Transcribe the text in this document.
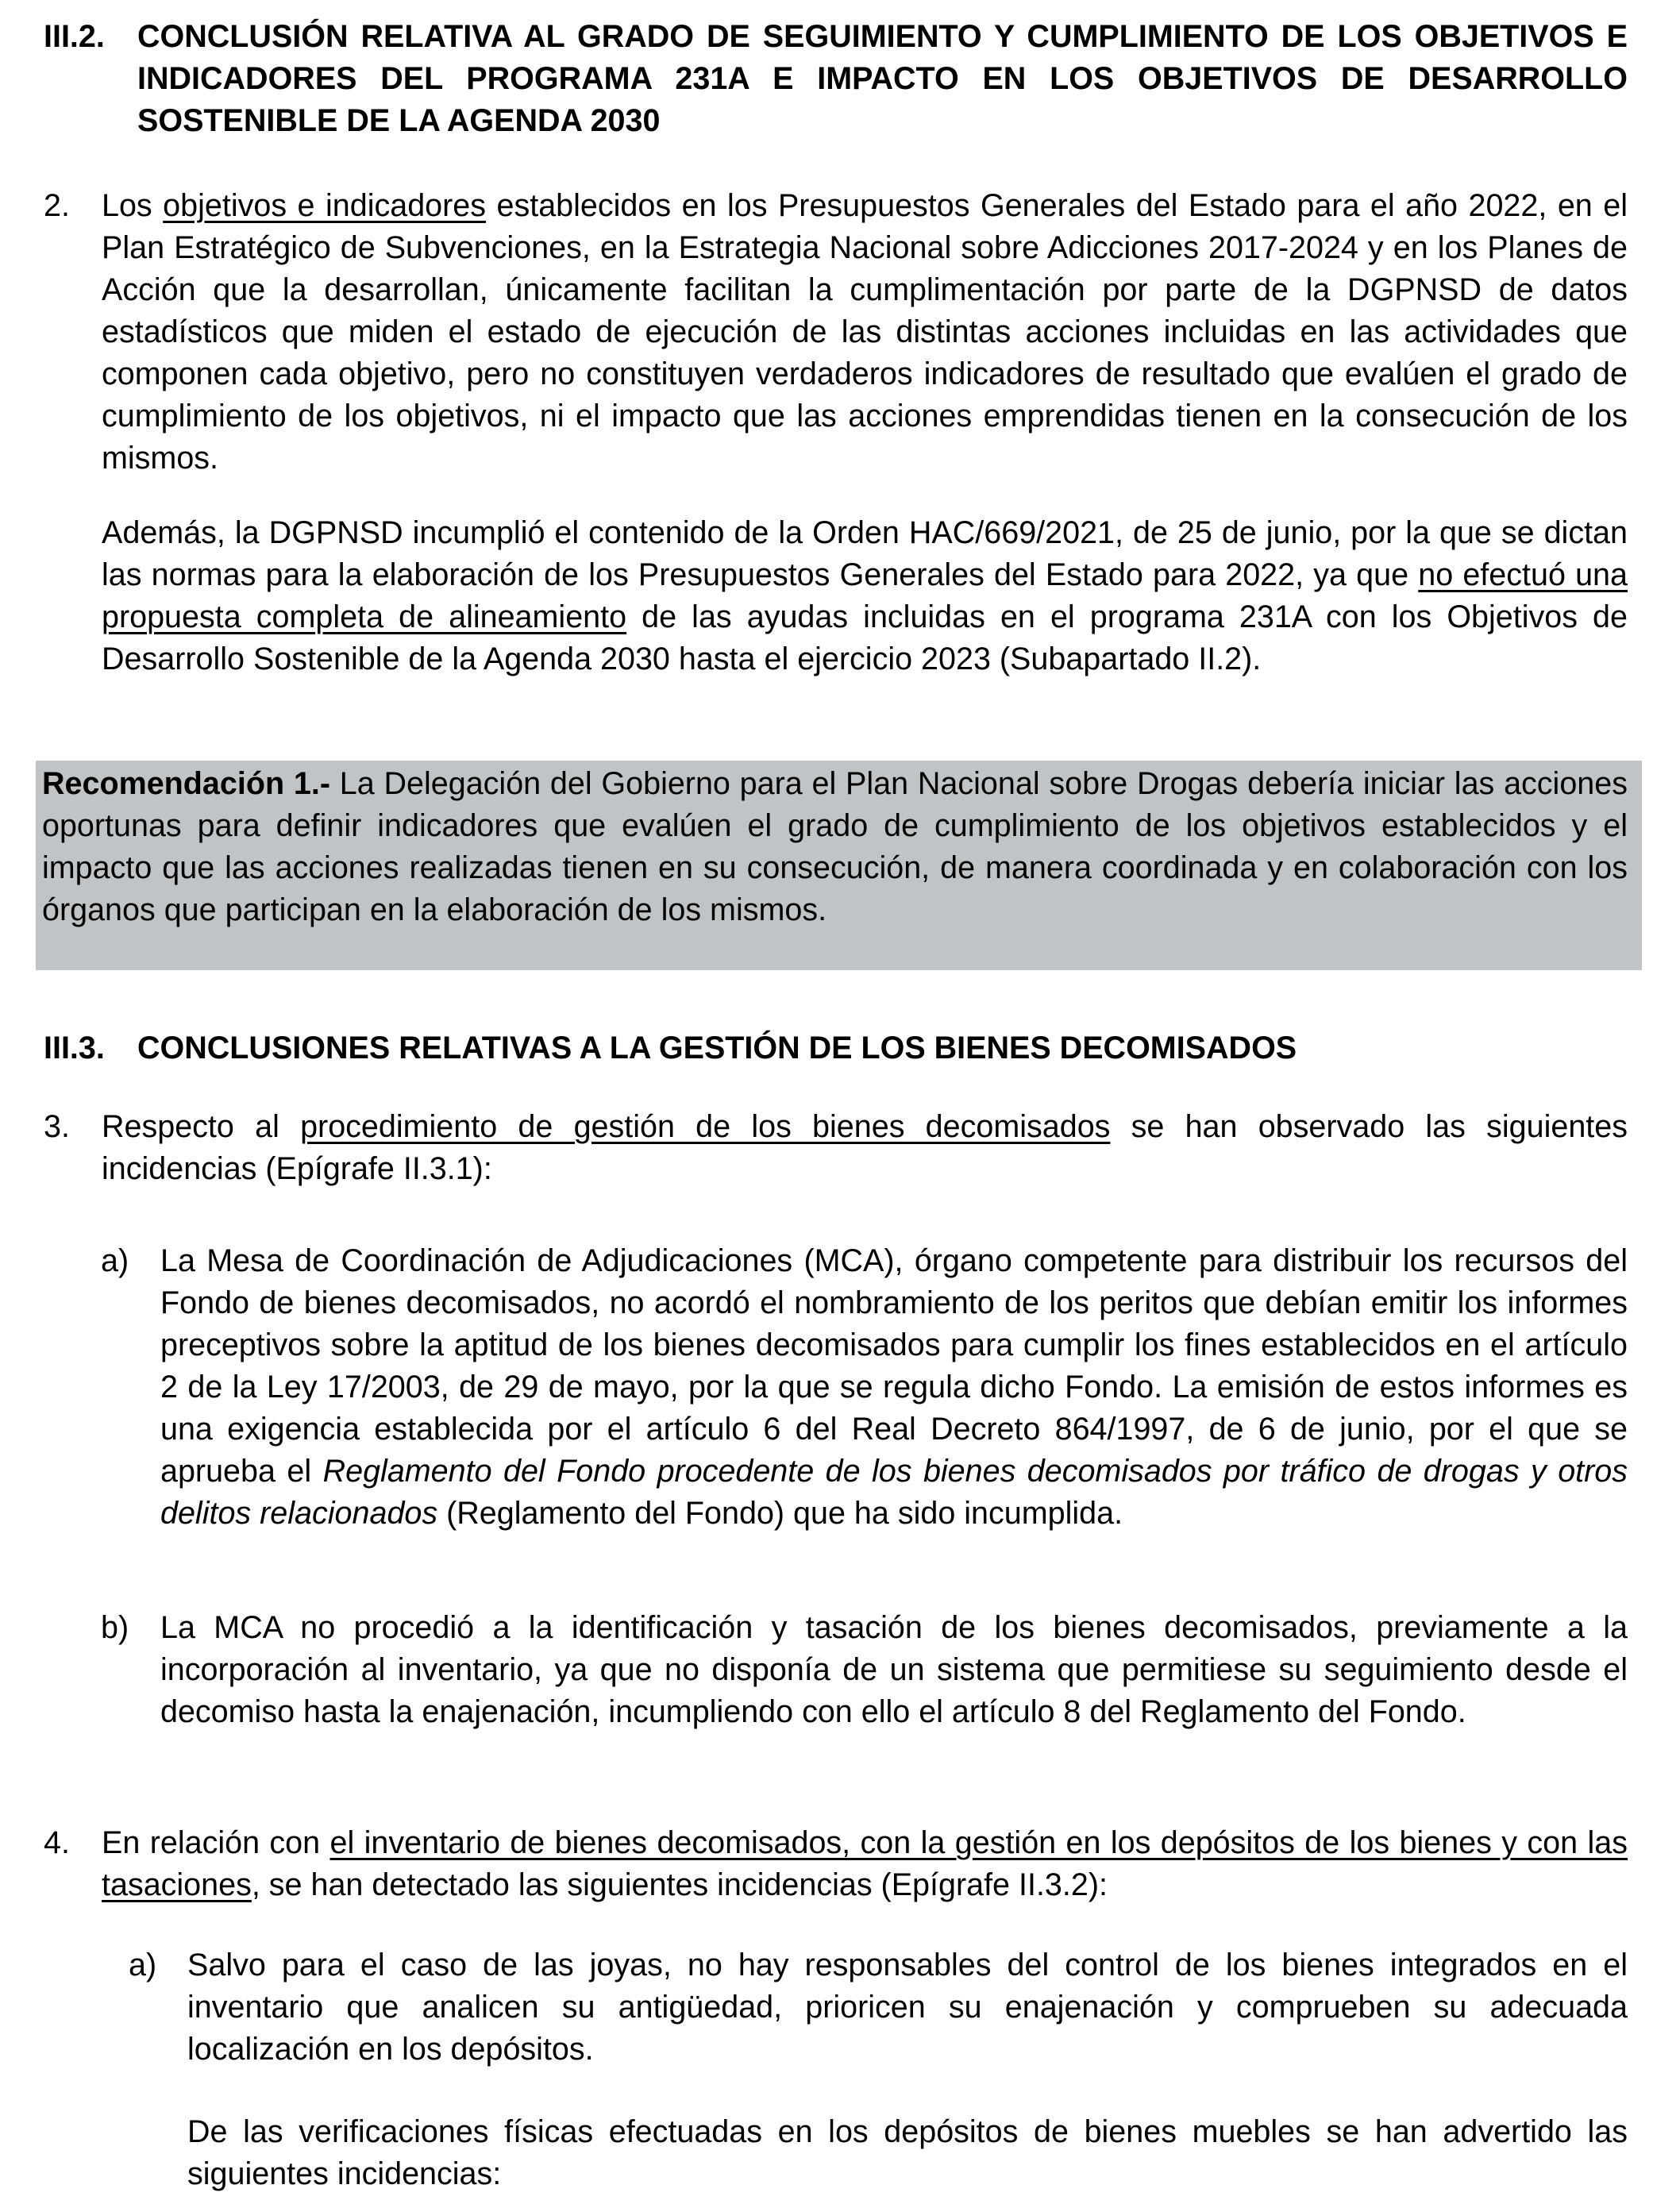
III.2. CONCLUSIÓN RELATIVA AL GRADO DE SEGUIMIENTO Y CUMPLIMIENTO DE LOS OBJETIVOS E INDICADORES DEL PROGRAMA 231A E IMPACTO EN LOS OBJETIVOS DE DESARROLLO SOSTENIBLE DE LA AGENDA 2030

2. Los objetivos e indicadores establecidos en los Presupuestos Generales del Estado para el año 2022, en el Plan Estratégico de Subvenciones, en la Estrategia Nacional sobre Adicciones 2017-2024 y en los Planes de Acción que la desarrollan, únicamente facilitan la cumplimentación por parte de la DGPNSD de datos estadísticos que miden el estado de ejecución de las distintas acciones incluidas en las actividades que componen cada objetivo, pero no constituyen verdaderos indicadores de resultado que evalúen el grado de cumplimiento de los objetivos, ni el impacto que las acciones emprendidas tienen en la consecución de los mismos.

Además, la DGPNSD incumplió el contenido de la Orden HAC/669/2021, de 25 de junio, por la que se dictan las normas para la elaboración de los Presupuestos Generales del Estado para 2022, ya que no efectuó una propuesta completa de alineamiento de las ayudas incluidas en el programa 231A con los Objetivos de Desarrollo Sostenible de la Agenda 2030 hasta el ejercicio 2023 (Subapartado II.2).

Recomendación 1.- La Delegación del Gobierno para el Plan Nacional sobre Drogas debería iniciar las acciones oportunas para definir indicadores que evalúen el grado de cumplimiento de los objetivos establecidos y el impacto que las acciones realizadas tienen en su consecución, de manera coordinada y en colaboración con los órganos que participan en la elaboración de los mismos.

III.3. CONCLUSIONES RELATIVAS A LA GESTIÓN DE LOS BIENES DECOMISADOS

3. Respecto al procedimiento de gestión de los bienes decomisados se han observado las siguientes incidencias (Epígrafe II.3.1):

a) La Mesa de Coordinación de Adjudicaciones (MCA), órgano competente para distribuir los recursos del Fondo de bienes decomisados, no acordó el nombramiento de los peritos que debían emitir los informes preceptivos sobre la aptitud de los bienes decomisados para cumplir los fines establecidos en el artículo 2 de la Ley 17/2003, de 29 de mayo, por la que se regula dicho Fondo. La emisión de estos informes es una exigencia establecida por el artículo 6 del Real Decreto 864/1997, de 6 de junio, por el que se aprueba el Reglamento del Fondo procedente de los bienes decomisados por tráfico de drogas y otros delitos relacionados (Reglamento del Fondo) que ha sido incumplida.

b) La MCA no procedió a la identificación y tasación de los bienes decomisados, previamente a la incorporación al inventario, ya que no disponía de un sistema que permitiese su seguimiento desde el decomiso hasta la enajenación, incumpliendo con ello el artículo 8 del Reglamento del Fondo.

4. En relación con el inventario de bienes decomisados, con la gestión en los depósitos de los bienes y con las tasaciones, se han detectado las siguientes incidencias (Epígrafe II.3.2):

a) Salvo para el caso de las joyas, no hay responsables del control de los bienes integrados en el inventario que analicen su antigüedad, prioricen su enajenación y comprueben su adecuada localización en los depósitos.

De las verificaciones físicas efectuadas en los depósitos de bienes muebles se han advertido las siguientes incidencias:
